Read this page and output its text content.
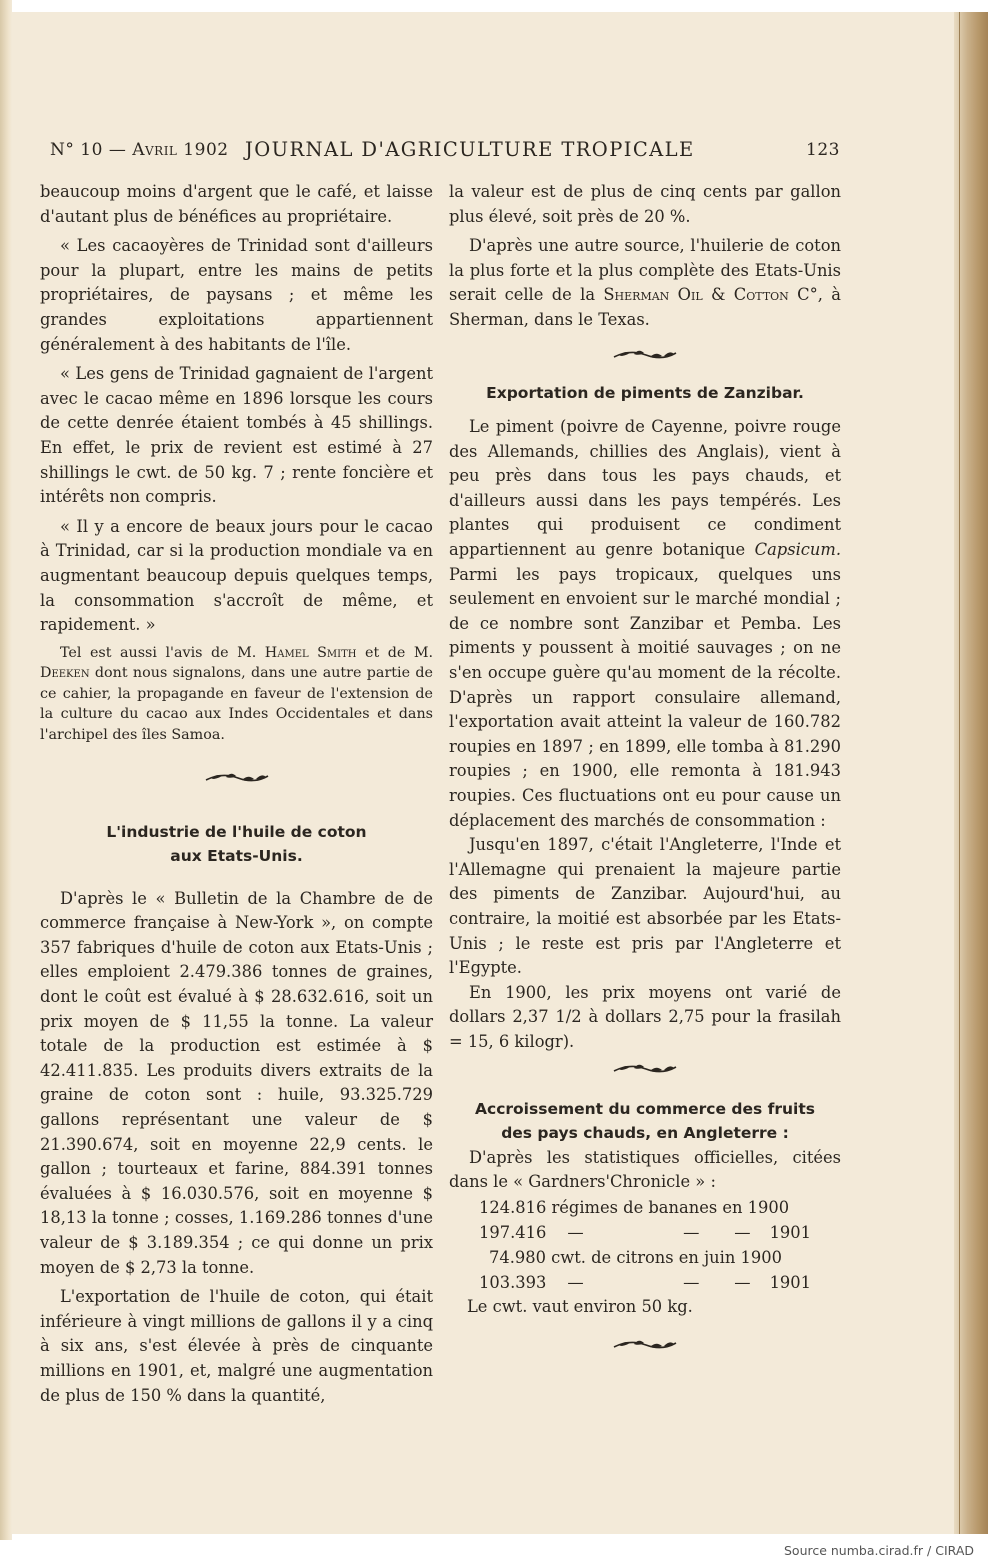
N° 10 — Avril 1902 JOURNAL D'AGRICULTURE TROPICALE	123

beaucoup moins d'argent que le café, et laisse d'autant plus de bénéfices au propriétaire.

« Les cacaoyères de Trinidad sont d'ailleurs pour la plupart, entre les mains de petits propriétaires, de paysans ; et même les grandes exploitations appartiennent généralement à des habitants de l'île.

« Les gens de Trinidad gagnaient de l'argent avec le cacao même en 1896 lorsque les cours de cette denrée étaient tombés à 45 shillings. En effet, le prix de revient est estimé à 27 shillings le cwt. de 50 kg. 7 ; rente foncière et intérêts non compris.

« Il y a encore de beaux jours pour le cacao à Trinidad, car si la production mondiale va en augmentant beaucoup depuis quelques temps, la consommation s'accroît de même, et rapidement. »

Tel est aussi l'avis de M. Hamel Smith et de M. Deeken dont nous signalons, dans une autre partie de ce cahier, la propagande en faveur de l'extension de la culture du cacao aux Indes Occidentales et dans l'archipel des îles Samoa.

L'industrie de l'huile de coton
aux Etats-Unis.

D'après le « Bulletin de la Chambre de de commerce française à New-York », on compte 357 fabriques d'huile de coton aux Etats-Unis ; elles emploient 2.479.386 tonnes de graines, dont le coût est évalué à $ 28.632.616, soit un prix moyen de $ 11,55 la tonne. La valeur totale de la production est estimée à $ 42.411.835. Les produits divers extraits de la graine de coton sont : huile, 93.325.729 gallons représentant une valeur de $ 21.390.674, soit en moyenne 22,9 cents. le gallon ; tourteaux et farine, 884.391 tonnes évaluées à $ 16.030.576, soit en moyenne $ 18,13 la tonne ; cosses, 1.169.286 tonnes d'une valeur de $ 3.189.354 ; ce qui donne un prix moyen de $ 2,73 la tonne.

L'exportation de l'huile de coton, qui était inférieure à vingt millions de gallons il y a cinq à six ans, s'est élevée à près de cinquante millions en 1901, et, malgré une augmentation de plus de 150 % dans la quantité,

la valeur est de plus de cinq cents par gallon plus élevé, soit près de 20 %.

D'après une autre source, l'huilerie de coton la plus forte et la plus complète des Etats-Unis serait celle de la Sherman Oil & Cotton C°, à Sherman, dans le Texas.

Exportation de piments de Zanzibar.

Le piment (poivre de Cayenne, poivre rouge des Allemands, chillies des Anglais), vient à peu près dans tous les pays chauds, et d'ailleurs aussi dans les pays tempérés. Les plantes qui produisent ce condiment appartiennent au genre botanique Capsicum. Parmi les pays tropicaux, quelques uns seulement en envoient sur le marché mondial ; de ce nombre sont Zanzibar et Pemba. Les piments y poussent à moitié sauvages ; on ne s'en occupe guère qu'au moment de la récolte. D'après un rapport consulaire allemand, l'exportation avait atteint la valeur de 160.782 roupies en 1897 ; en 1899, elle tomba à 81.290 roupies ; en 1900, elle remonta à 181.943 roupies. Ces fluctuations ont eu pour cause un déplacement des marchés de consommation :

Jusqu'en 1897, c'était l'Angleterre, l'Inde et l'Allemagne qui prenaient la majeure partie des piments de Zanzibar. Aujourd'hui, au contraire, la moitié est absorbée par les Etats-Unis ; le reste est pris par l'Angleterre et l'Egypte.

En 1900, les prix moyens ont varié de dollars 2,37 1/2 à dollars 2,75 pour la frasilah = 15, 6 kilogr).

Accroissement du commerce des fruits
des pays chauds, en Angleterre :

D'après les statistiques officielles, citées dans le « Gardners'Chronicle » :

124.816 régimes de bananes en 1900
197.416	—	—	—	1901
74.980 cwt. de citrons en juin 1900
103.393	—	—	—	1901

Le cwt. vaut environ 50 kg.

Source numba.cirad.fr / CIRAD
